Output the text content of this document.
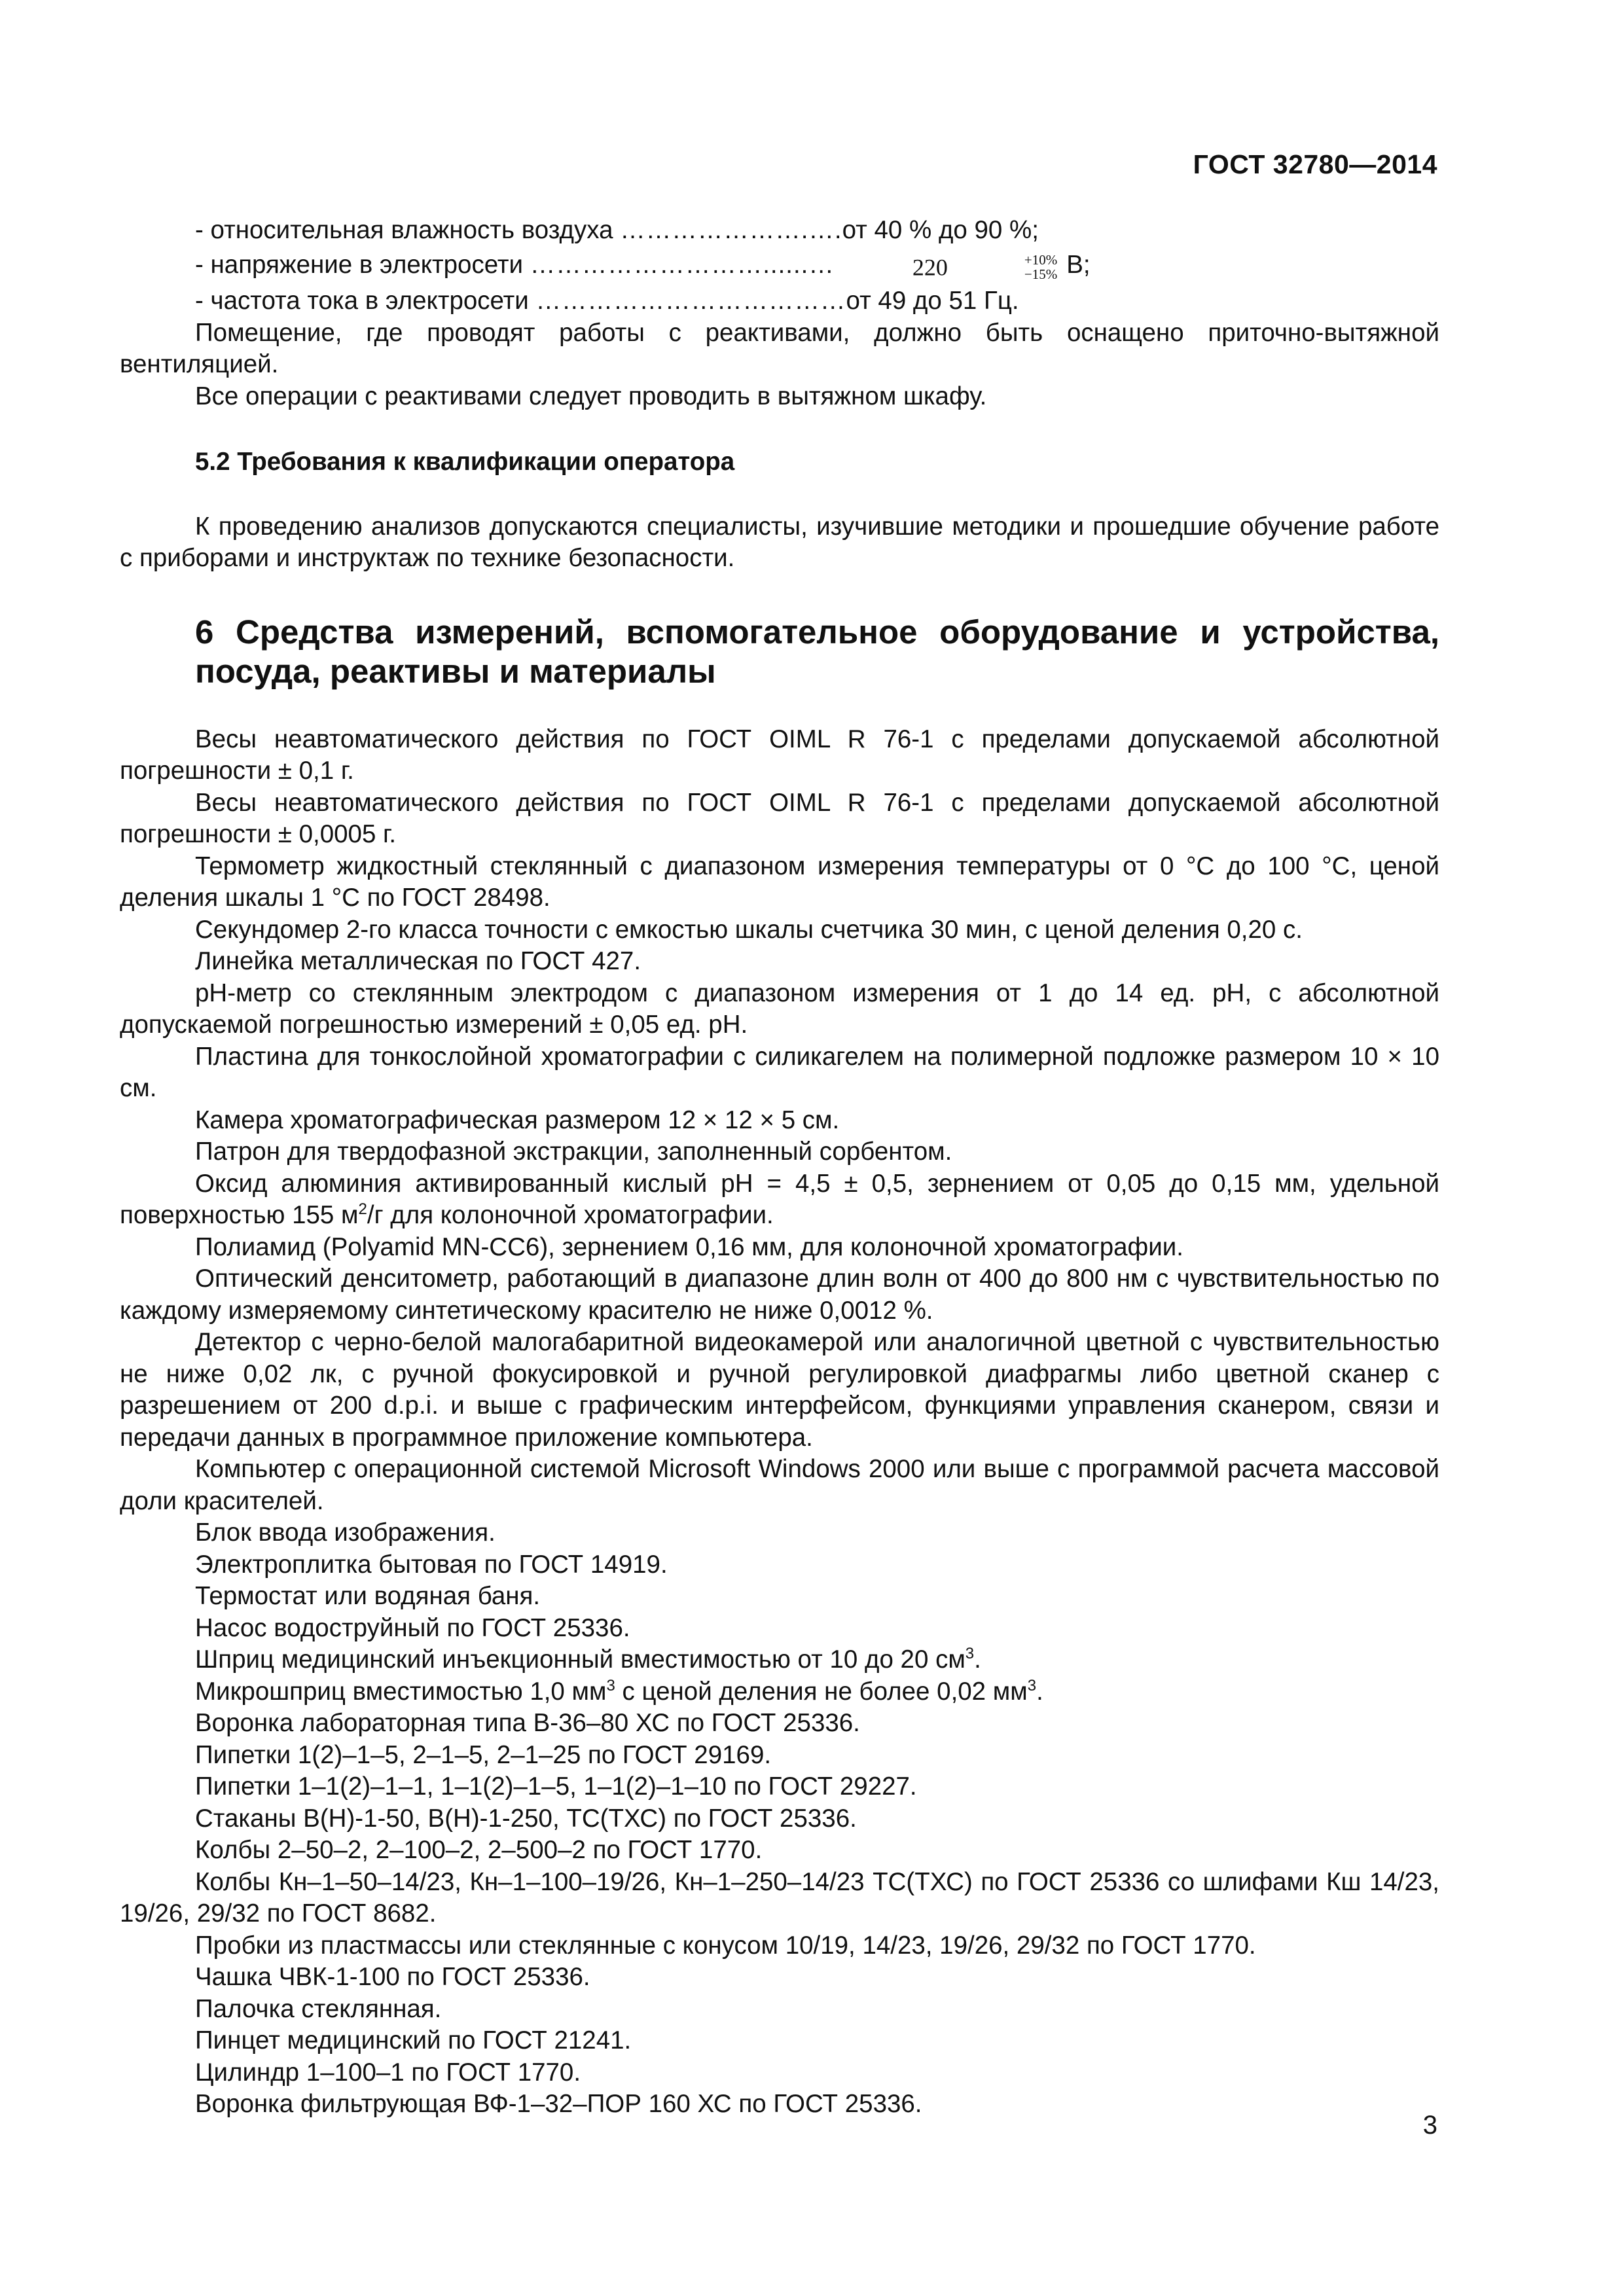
ГОСТ 32780—2014

- относительная влажность воздуха ………………….….от 40 % до 90 %;

- напряжение в электросети ………………………......…	220	+10%
−15% В;

- частота тока в электросети ………………………………от 49 до 51 Гц.

Помещение, где проводят работы с реактивами, должно быть оснащено приточно-вытяжной вентиляцией.

Все операции с реактивами следует проводить в вытяжном шкафу.

5.2 Требования к квалификации оператора

К проведению анализов допускаются специалисты, изучившие методики и прошедшие обучение работе с приборами и инструктаж по технике безопасности.

6 Средства измерений, вспомогательное оборудование и устройства, посуда, реактивы и материалы

Весы неавтоматического действия по ГОСТ OIML R 76-1 с пределами допускаемой абсолютной погрешности ± 0,1 г.

Весы неавтоматического действия по ГОСТ OIML R 76-1 с пределами допускаемой абсолютной погрешности ± 0,0005 г.

Термометр жидкостный стеклянный с диапазоном измерения температуры от 0 °С до 100 °С, ценой деления шкалы 1 °С по ГОСТ 28498.

Секундомер 2-го класса точности с емкостью шкалы счетчика 30 мин, с ценой деления 0,20 с.

Линейка металлическая по ГОСТ 427.

рН-метр со стеклянным электродом с диапазоном измерения от 1 до 14 ед. рН, с абсолютной допускаемой погрешностью измерений ± 0,05 ед. рН.

Пластина для тонкослойной хроматографии с силикагелем на полимерной подложке размером 10 × 10 см.

Камера хроматографическая размером 12 × 12 × 5 см.

Патрон для твердофазной экстракции, заполненный сорбентом.

Оксид алюминия активированный кислый рН = 4,5 ± 0,5, зернением от 0,05 до 0,15 мм, удельной поверхностью 155 $м^2/г$ для колоночной хроматографии.

Полиамид (Polyamid MN-CC6), зернением 0,16 мм, для колоночной хроматографии.

Оптический денситометр, работающий в диапазоне длин волн от 400 до 800 нм с чувствительностью по каждому измеряемому синтетическому красителю не ниже 0,0012 %.

Детектор с черно-белой малогабаритной видеокамерой или аналогичной цветной с чувствительностью не ниже 0,02 лк, с ручной фокусировкой и ручной регулировкой диафрагмы либо цветной сканер с разрешением от 200 d.p.i. и выше с графическим интерфейсом, функциями управления сканером, связи и передачи данных в программное приложение компьютера.

Компьютер с операционной системой Microsoft Windows 2000 или выше с программой расчета массовой доли красителей.

Блок ввода изображения.

Электроплитка бытовая по ГОСТ 14919.

Термостат или водяная баня.

Насос водоструйный по ГОСТ 25336.

Шприц медицинский инъекционный вместимостью от 10 до 20 $см^3$.

Микрошприц вместимостью 1,0 $мм^3$ с ценой деления не более 0,02 $мм^3$.

Воронка лабораторная типа В-36–80 ХС по ГОСТ 25336.

Пипетки 1(2)–1–5, 2–1–5, 2–1–25 по ГОСТ 29169.

Пипетки 1–1(2)–1–1, 1–1(2)–1–5, 1–1(2)–1–10 по ГОСТ 29227.

Стаканы В(Н)-1-50, В(Н)-1-250, ТС(ТХС) по ГОСТ 25336.

Колбы 2–50–2, 2–100–2, 2–500–2 по ГОСТ 1770.

Колбы Кн–1–50–14/23, Кн–1–100–19/26, Кн–1–250–14/23 ТС(ТХС) по ГОСТ 25336 со шлифами Кш 14/23, 19/26, 29/32 по ГОСТ 8682.

Пробки из пластмассы или стеклянные с конусом 10/19, 14/23, 19/26, 29/32 по ГОСТ 1770.

Чашка ЧВК-1-100 по ГОСТ 25336.

Палочка стеклянная.

Пинцет медицинский по ГОСТ 21241.

Цилиндр 1–100–1 по ГОСТ 1770.

Воронка фильтрующая ВФ-1–32–ПОР 160 ХС по ГОСТ 25336.

3
